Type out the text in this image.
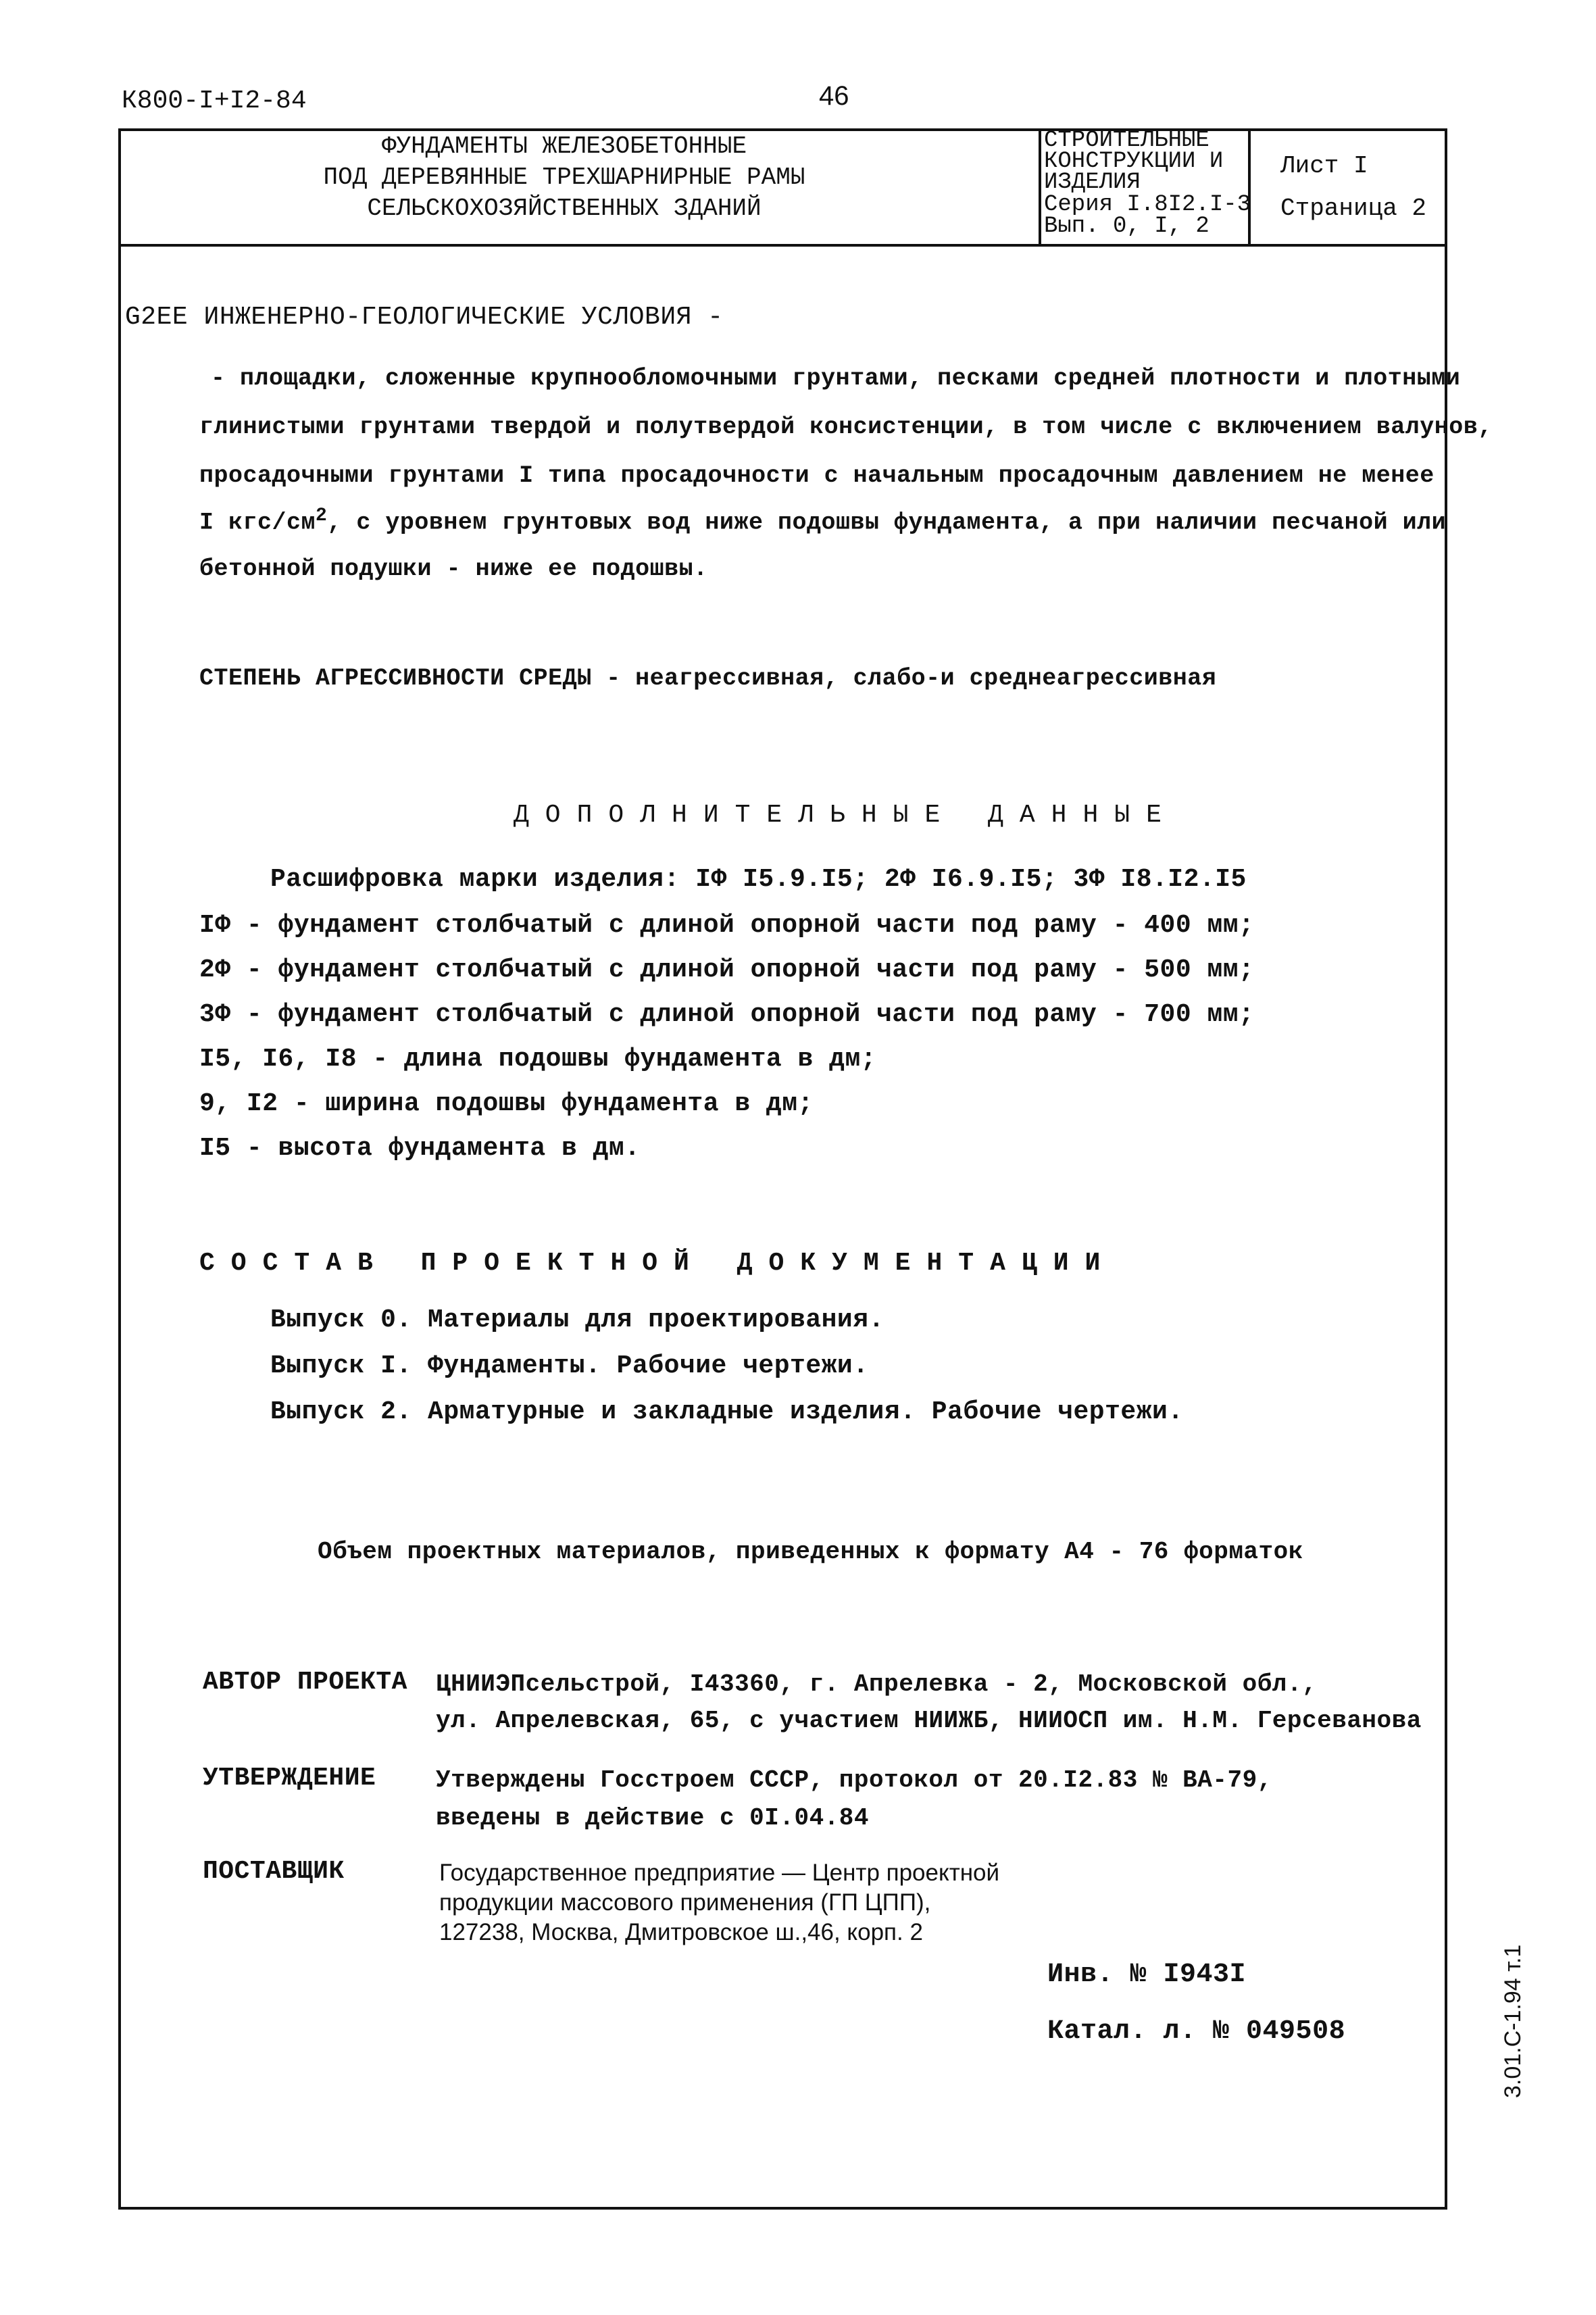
К800-I+I2-84	46
ФУНДАМЕНТЫ ЖЕЛЕЗОБЕТОННЫЕ
ПОД ДЕРЕВЯННЫЕ ТРЕХШАРНИРНЫЕ РАМЫ
СЕЛЬСКОХОЗЯЙСТВЕННЫХ ЗДАНИЙ
СТРОИТЕЛЬНЫЕ
КОНСТРУКЦИИ И
ИЗДЕЛИЯ
Серия I.8I2.I-3
Вып. 0, I, 2
Лист I
Страница 2
G2ЕЕ ИНЖЕНЕРНО-ГЕОЛОГИЧЕСКИЕ УСЛОВИЯ -
- площадки, сложенные крупнообломочными грунтами, песками средней плотности и плотными
глинистыми грунтами твердой и полутвердой консистенции, в том числе с включением валунов,
просадочными грунтами I типа просадочности с начальным просадочным давлением не менее
I кгс/$см^2$, с уровнем грунтовых вод ниже подошвы фундамента, а при наличии песчаной или
бетонной подушки - ниже ее подошвы.
СТЕПЕНЬ АГРЕССИВНОСТИ СРЕДЫ - неагрессивная, слабо-и среднеагрессивная
ДОПОЛНИТЕЛЬНЫЕ ДАННЫЕ
Расшифровка марки изделия: IФ I5.9.I5; 2Ф I6.9.I5; 3Ф I8.I2.I5
IФ - фундамент столбчатый с длиной опорной части под раму - 400 мм;
2Ф - фундамент столбчатый с длиной опорной части под раму - 500 мм;
3Ф - фундамент столбчатый с длиной опорной части под раму - 700 мм;
I5, I6, I8 - длина подошвы фундамента в дм;
9, I2 - ширина подошвы фундамента в дм;
I5 - высота фундамента в дм.
СОСТАВ ПРОЕКТНОЙ ДОКУМЕНТАЦИИ
Выпуск 0. Материалы для проектирования.
Выпуск I. Фундаменты. Рабочие чертежи.
Выпуск 2. Арматурные и закладные изделия. Рабочие чертежи.
Объем проектных материалов, приведенных к формату А4 - 76 форматок
АВТОР ПРОЕКТА ЦНИИЭПсельстрой, I43360, г. Апрелевка - 2, Московской обл.,
ул. Апрелевская, 65, с участием НИИЖБ, НИИОСП им. Н.М. Герсеванова
УТВЕРЖДЕНИЕ Утверждены Госстроем СССР, протокол от 20.I2.83 № ВА-79,
введены в действие с 0I.04.84
ПОСТАВЩИК	Государственное предприятие — Центр проектной
продукции массового применения (ГП ЦПП),
127238, Москва, Дмитровское ш.,46, корп. 2
Инв. № I943I
Катал. л. № 049508	3.01.С-1.94 т.1
